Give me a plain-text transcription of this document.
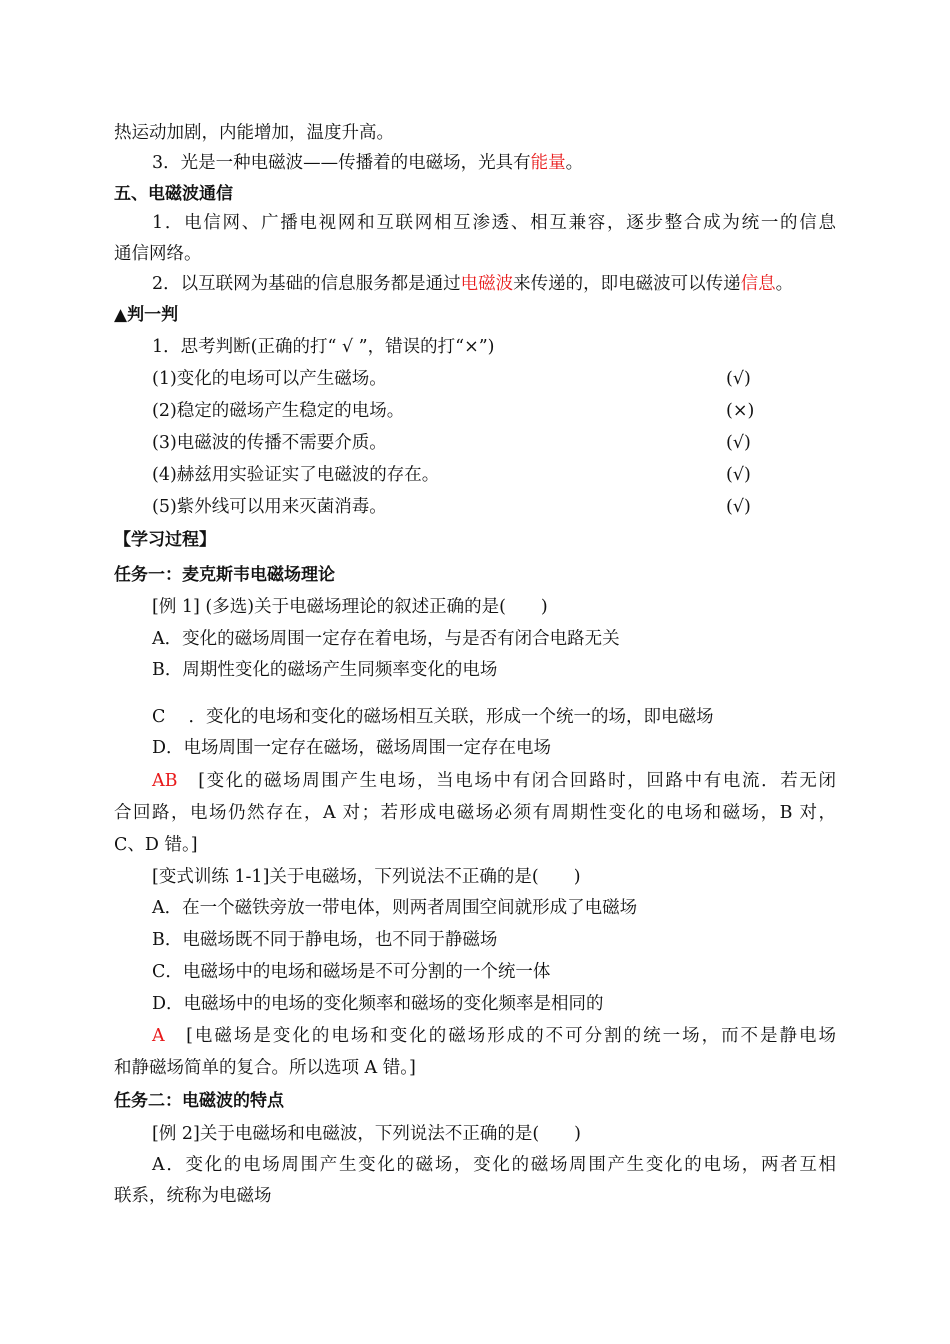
热运动加剧，内能增加，温度升高。
3．光是一种电磁波——传播着的电磁场，光具有能量。
五、电磁波通信
1．电信网、广播电视网和互联网相互渗透、相互兼容，逐步整合成为统一的信息
通信网络。
2．以互联网为基础的信息服务都是通过电磁波来传递的，即电磁波可以传递信息。
▲判一判
1．思考判断(正确的打“ √ ”，错误的打“×”)
(1)变化的电场可以产生磁场。	(√)
(2)稳定的磁场产生稳定的电场。	(×)
(3)电磁波的传播不需要介质。	(√)
(4)赫兹用实验证实了电磁波的存在。	(√)
(5)紫外线可以用来灭菌消毒。	(√)
【学习过程】
任务一：麦克斯韦电磁场理论
[例 1] (多选)关于电磁场理论的叙述正确的是(　　)
A．变化的磁场周围一定存在着电场，与是否有闭合电路无关
B．周期性变化的磁场产生同频率变化的电场
C　 ．变化的电场和变化的磁场相互关联，形成一个统一的场，即电磁场
D．电场周围一定存在磁场，磁场周围一定存在电场
AB　[变化的磁场周围产生电场，当电场中有闭合回路时，回路中有电流．若无闭
合回路，电场仍然存在，A 对；若形成电磁场必须有周期性变化的电场和磁场，B 对，
C、D 错。]
[变式训练 1-1]关于电磁场，下列说法不正确的是(　　)
A．在一个磁铁旁放一带电体，则两者周围空间就形成了电磁场
B．电磁场既不同于静电场，也不同于静磁场
C．电磁场中的电场和磁场是不可分割的一个统一体
D．电磁场中的电场的变化频率和磁场的变化频率是相同的
A　[电磁场是变化的电场和变化的磁场形成的不可分割的统一场，而不是静电场
和静磁场简单的复合。所以选项 A 错。]
任务二：电磁波的特点
[例 2]关于电磁场和电磁波，下列说法不正确的是(　　)
A．变化的电场周围产生变化的磁场，变化的磁场周围产生变化的电场，两者互相
联系，统称为电磁场
